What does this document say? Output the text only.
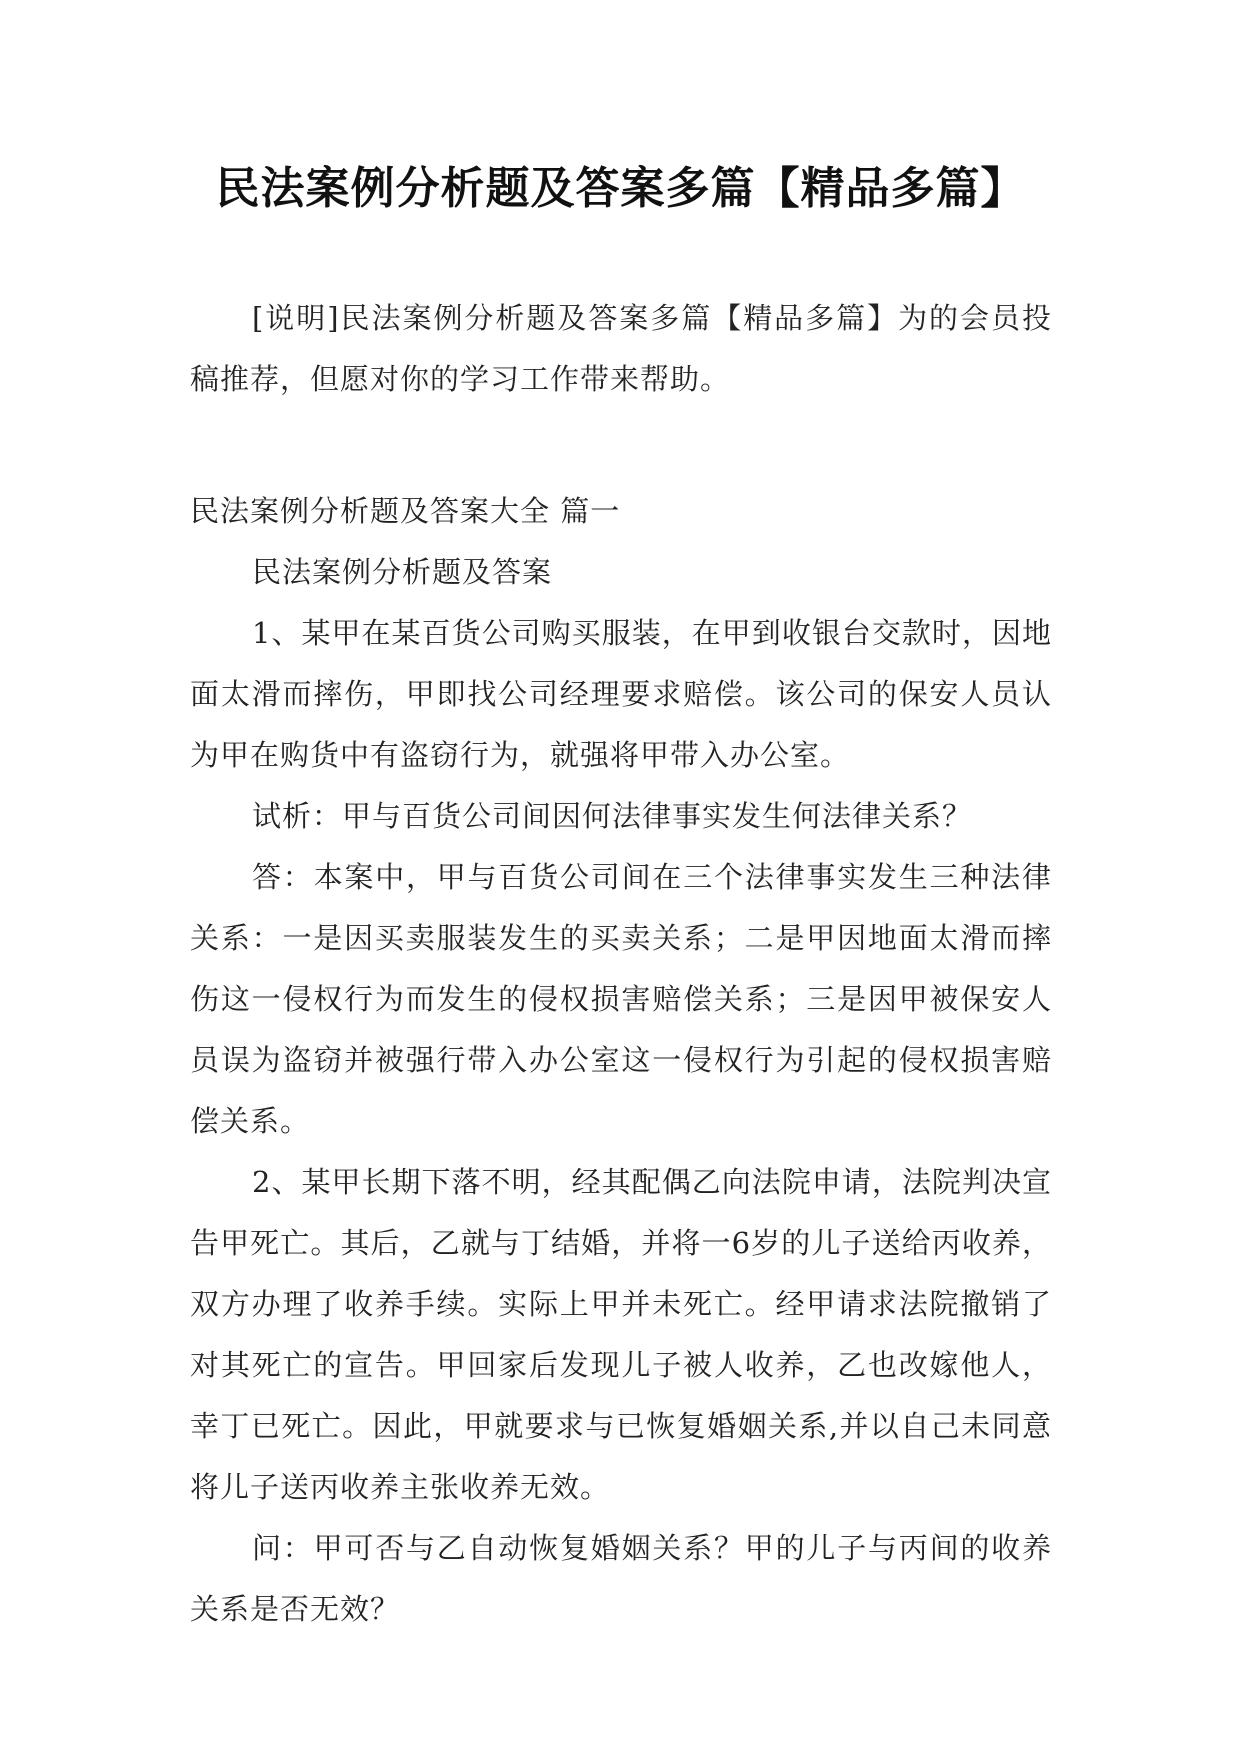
民法案例分析题及答案多篇【精品多篇】

[说明]民法案例分析题及答案多篇【精品多篇】为的会员投稿推荐，但愿对你的学习工作带来帮助。

民法案例分析题及答案大全 篇一

民法案例分析题及答案

1、某甲在某百货公司购买服装，在甲到收银台交款时，因地面太滑而摔伤，甲即找公司经理要求赔偿。该公司的保安人员认为甲在购货中有盗窃行为，就强将甲带入办公室。

试析：甲与百货公司间因何法律事实发生何法律关系？

答：本案中，甲与百货公司间在三个法律事实发生三种法律关系：一是因买卖服装发生的买卖关系；二是甲因地面太滑而摔伤这一侵权行为而发生的侵权损害赔偿关系；三是因甲被保安人员误为盗窃并被强行带入办公室这一侵权行为引起的侵权损害赔偿关系。

2、某甲长期下落不明，经其配偶乙向法院申请，法院判决宣告甲死亡。其后，乙就与丁结婚，并将一6岁的儿子送给丙收养，双方办理了收养手续。实际上甲并未死亡。经甲请求法院撤销了对其死亡的宣告。甲回家后发现儿子被人收养，乙也改嫁他人，幸丁已死亡。因此，甲就要求与已恢复婚姻关系,并以自己未同意将儿子送丙收养主张收养无效。

问：甲可否与乙自动恢复婚姻关系？甲的儿子与丙间的收养关系是否无效？
